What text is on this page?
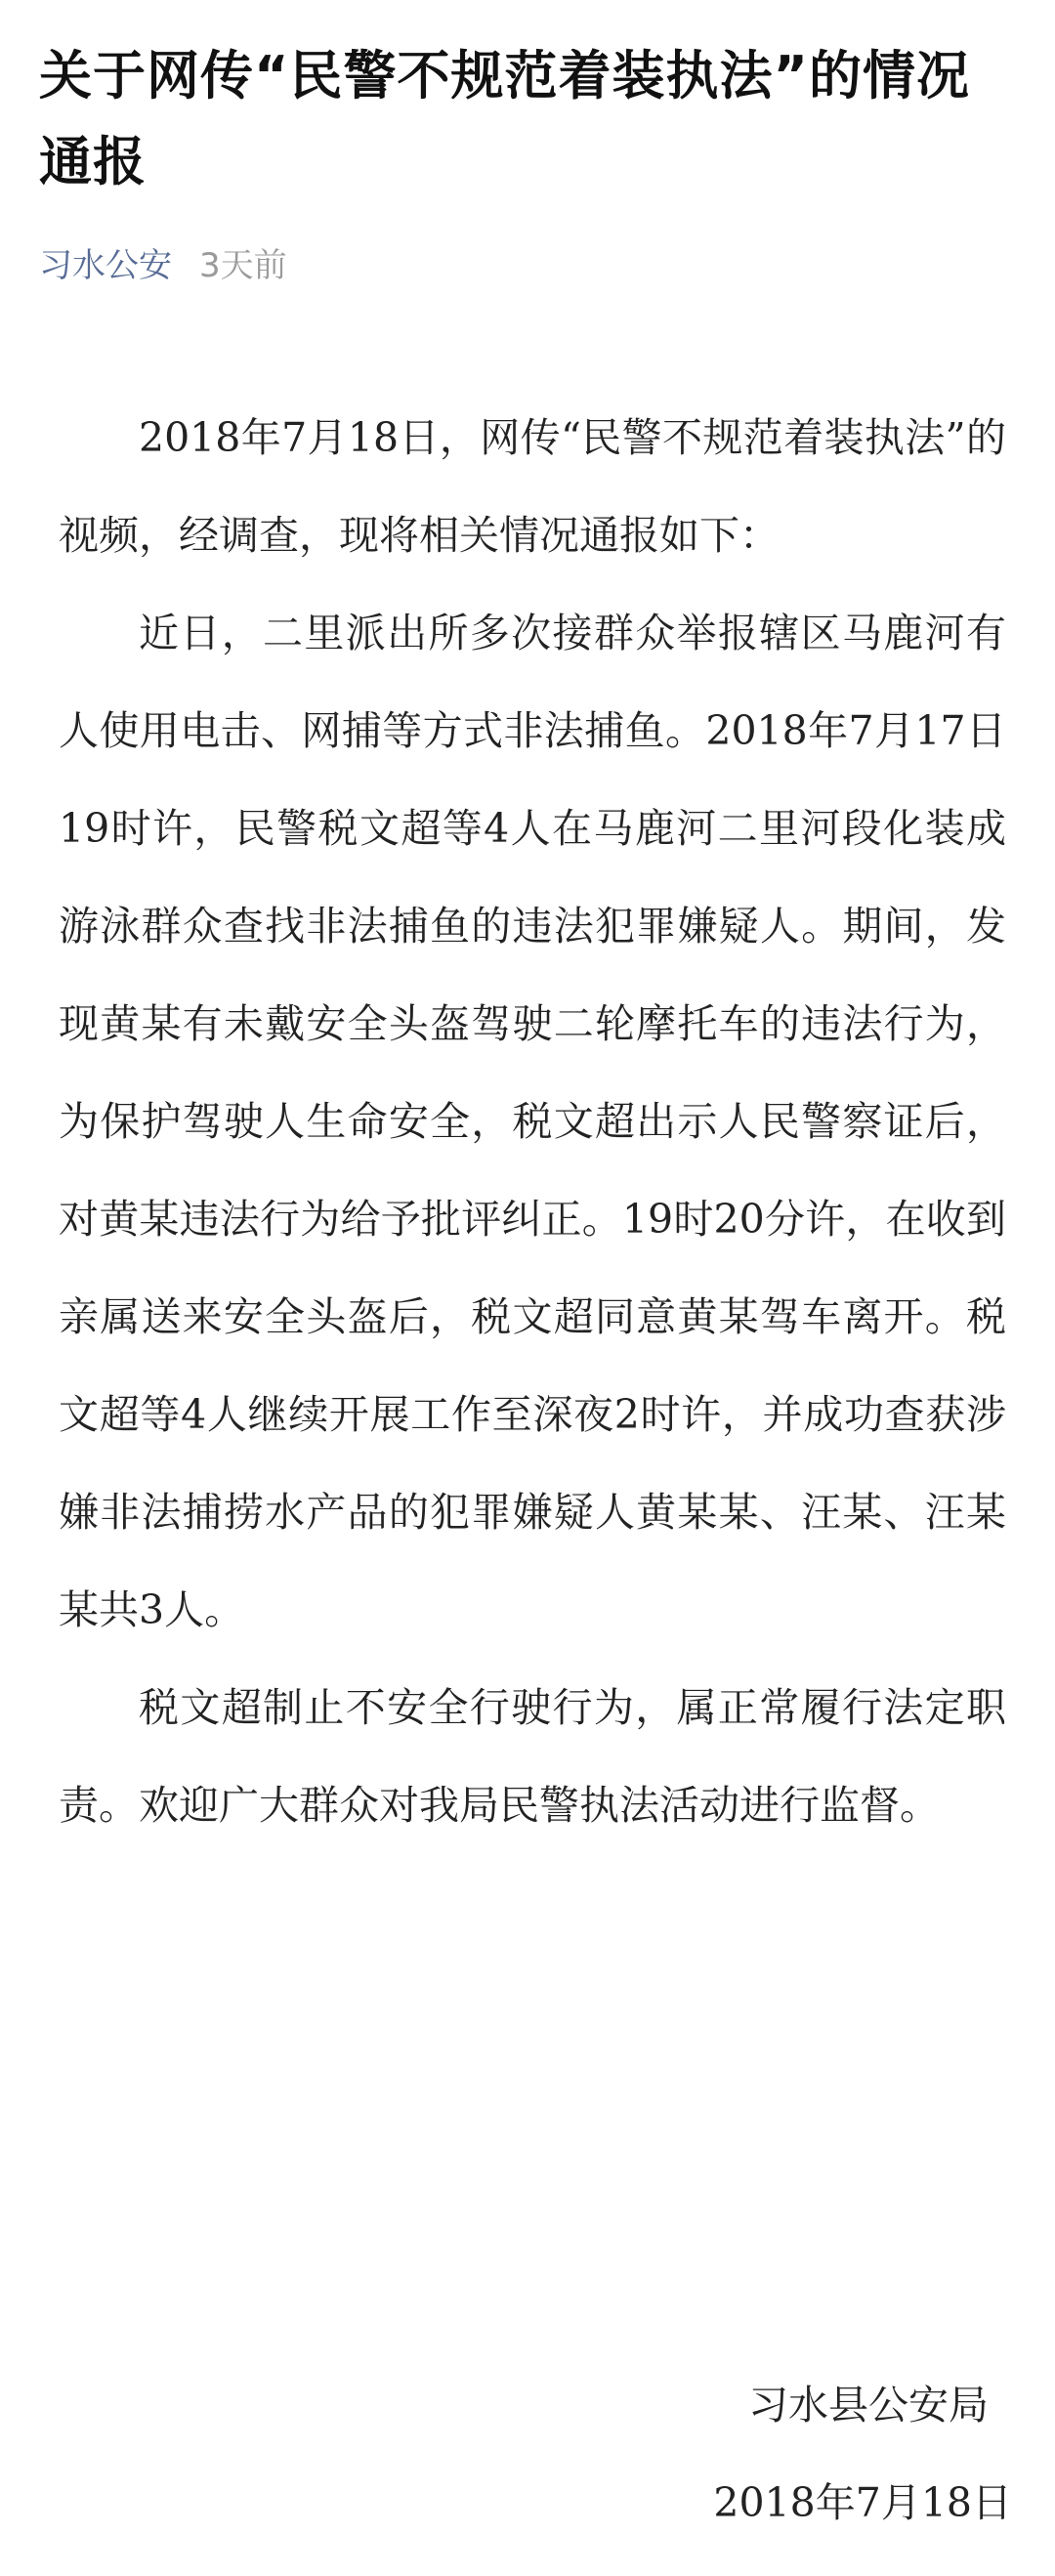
关于网传“民警不规范着装执法”的情况通报
习水公安 3天前

2018年7月18日，网传“民警不规范着装执法”的视频，经调查，现将相关情况通报如下：

近日，二里派出所多次接群众举报辖区马鹿河有人使用电击、网捕等方式非法捕鱼。2018年7月17日19时许，民警税文超等4人在马鹿河二里河段化装成游泳群众查找非法捕鱼的违法犯罪嫌疑人。期间，发现黄某有未戴安全头盔驾驶二轮摩托车的违法行为，为保护驾驶人生命安全，税文超出示人民警察证后，对黄某违法行为给予批评纠正。19时20分许，在收到亲属送来安全头盔后，税文超同意黄某驾车离开。税文超等4人继续开展工作至深夜2时许，并成功查获涉嫌非法捕捞水产品的犯罪嫌疑人黄某某、汪某、汪某某共3人。

税文超制止不安全行驶行为，属正常履行法定职责。欢迎广大群众对我局民警执法活动进行监督。

习水县公安局
2018年7月18日
